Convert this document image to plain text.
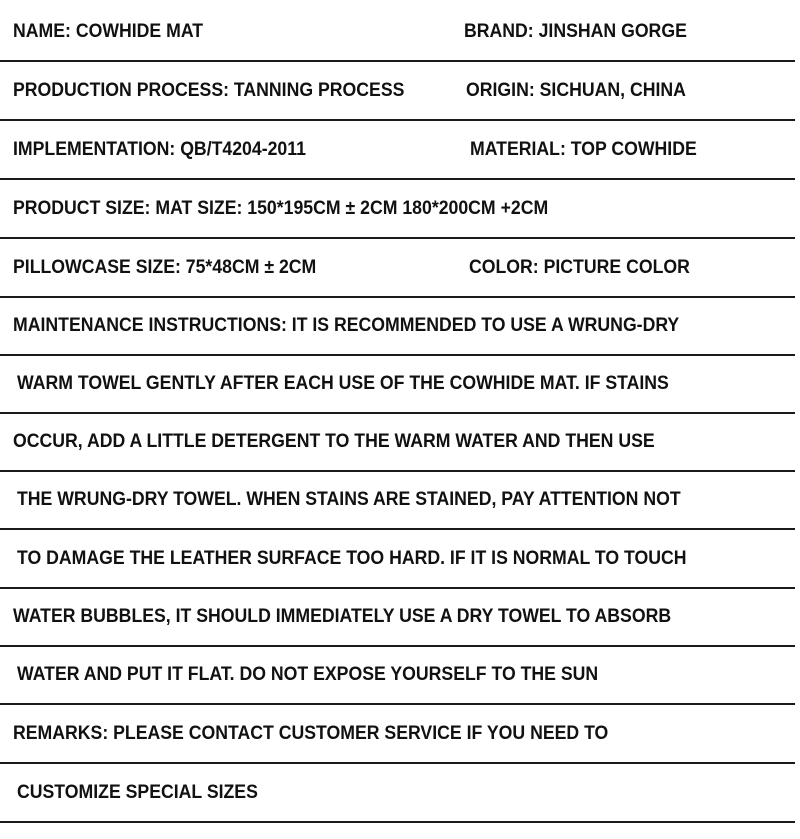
NAME: COWHIDE MAT	BRAND: JINSHAN GORGE
PRODUCTION PROCESS: TANNING PROCESS	ORIGIN: SICHUAN, CHINA
IMPLEMENTATION: QB/T4204-2011	MATERIAL: TOP COWHIDE
PRODUCT SIZE: MAT SIZE: 150*195CM ± 2CM 180*200CM +2CM
PILLOWCASE SIZE: 75*48CM ± 2CM	COLOR: PICTURE COLOR
MAINTENANCE INSTRUCTIONS: IT IS RECOMMENDED TO USE A WRUNG-DRY
WARM TOWEL GENTLY AFTER EACH USE OF THE COWHIDE MAT. IF STAINS
OCCUR, ADD A LITTLE DETERGENT TO THE WARM WATER AND THEN USE
THE WRUNG-DRY TOWEL. WHEN STAINS ARE STAINED, PAY ATTENTION NOT
TO DAMAGE THE LEATHER SURFACE TOO HARD. IF IT IS NORMAL TO TOUCH
WATER BUBBLES, IT SHOULD IMMEDIATELY USE A DRY TOWEL TO ABSORB
WATER AND PUT IT FLAT. DO NOT EXPOSE YOURSELF TO THE SUN
REMARKS: PLEASE CONTACT CUSTOMER SERVICE IF YOU NEED TO
CUSTOMIZE SPECIAL SIZES
